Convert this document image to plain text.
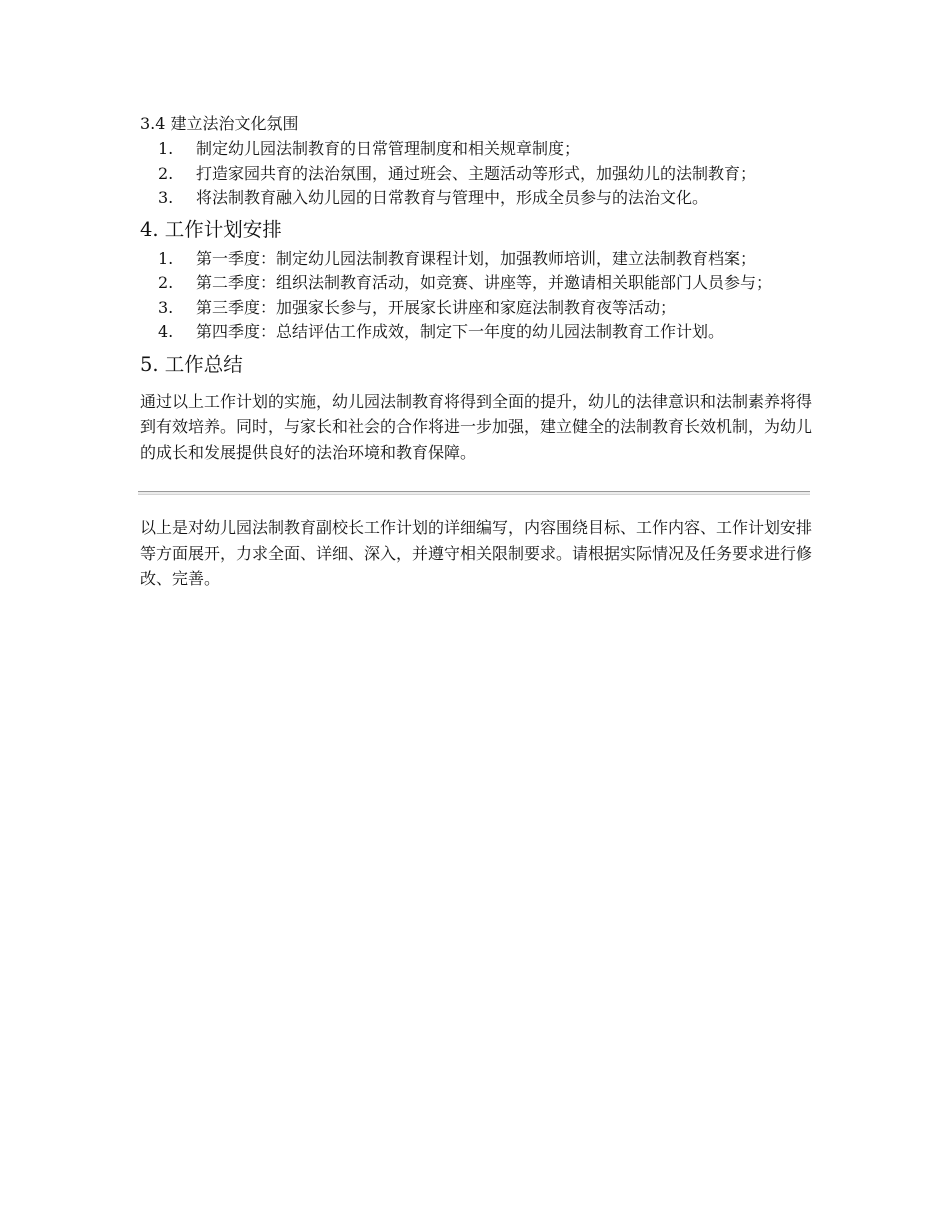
3.4 建立法治文化氛围
1.	制定幼儿园法制教育的日常管理制度和相关规章制度；
2.	打造家园共育的法治氛围，通过班会、主题活动等形式，加强幼儿的法制教育；
3.	将法制教育融入幼儿园的日常教育与管理中，形成全员参与的法治文化。
4. 工作计划安排
1.	第一季度：制定幼儿园法制教育课程计划，加强教师培训，建立法制教育档案；
2.	第二季度：组织法制教育活动，如竞赛、讲座等，并邀请相关职能部门人员参与；
3.	第三季度：加强家长参与，开展家长讲座和家庭法制教育夜等活动；
4.	第四季度：总结评估工作成效，制定下一年度的幼儿园法制教育工作计划。
5. 工作总结

通过以上工作计划的实施，幼儿园法制教育将得到全面的提升，幼儿的法律意识和法制素养将得到有效培养。同时，与家长和社会的合作将进一步加强，建立健全的法制教育长效机制，为幼儿的成长和发展提供良好的法治环境和教育保障。

以上是对幼儿园法制教育副校长工作计划的详细编写，内容围绕目标、工作内容、工作计划安排等方面展开，力求全面、详细、深入，并遵守相关限制要求。请根据实际情况及任务要求进行修改、完善。
